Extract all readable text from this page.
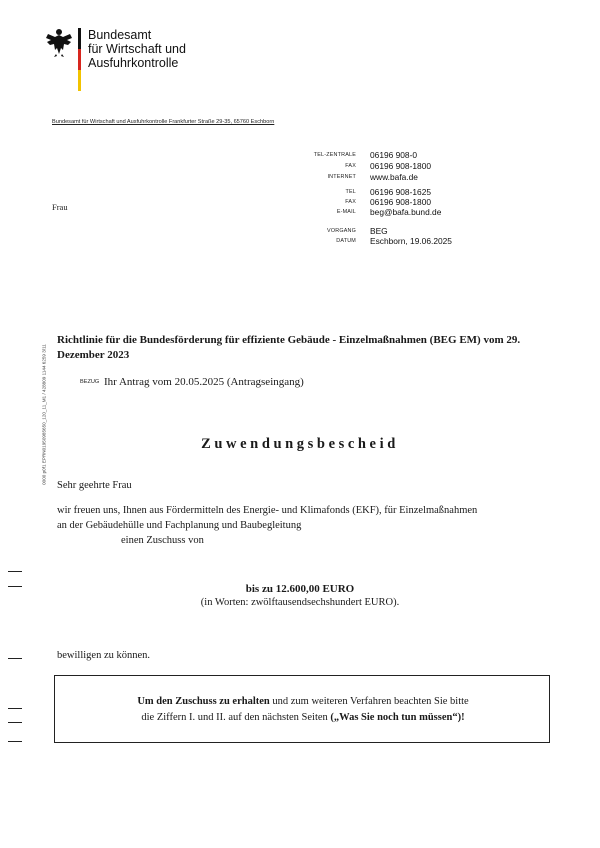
Bundesamt
für Wirtschaft und
Ausfuhrkontrolle
Bundesamt für Wirtschaft und Ausfuhrkontrolle Frankfurter Straße 29-35, 65760 Eschborn
TEL-ZENTRALE 06196 908-0
FAX 06196 908-1800
INTERNET www.bafa.de
TEL 06196 908-1625
FAX 06196 908-1800
E-MAIL beg@bafa.bund.de
VORGANG BEG
DATUM Eschborn, 19.06.2025
Frau
0000 p0f1 EPRN01950985650_120_11_M1 / 428809 1144 6259 3/11
Richtlinie für die Bundesförderung für effiziente Gebäude - Einzelmaßnahmen (BEG EM) vom 29. Dezember 2023
BEZUG Ihr Antrag vom 20.05.2025 (Antragseingang)
Zuwendungsbescheid
Sehr geehrte Frau
wir freuen uns, Ihnen aus Fördermitteln des Energie- und Klimafonds (EKF), für Einzelmaßnahmen
an der Gebäudehülle und Fachplanung und Baubegleitung
einen Zuschuss von
bis zu 12.600,00 EURO
(in Worten: zwölftausendsechshundert EURO).
bewilligen zu können.
Um den Zuschuss zu erhalten und zum weiteren Verfahren beachten Sie bitte
die Ziffern I. und II. auf den nächsten Seiten („Was Sie noch tun müssen“)!
